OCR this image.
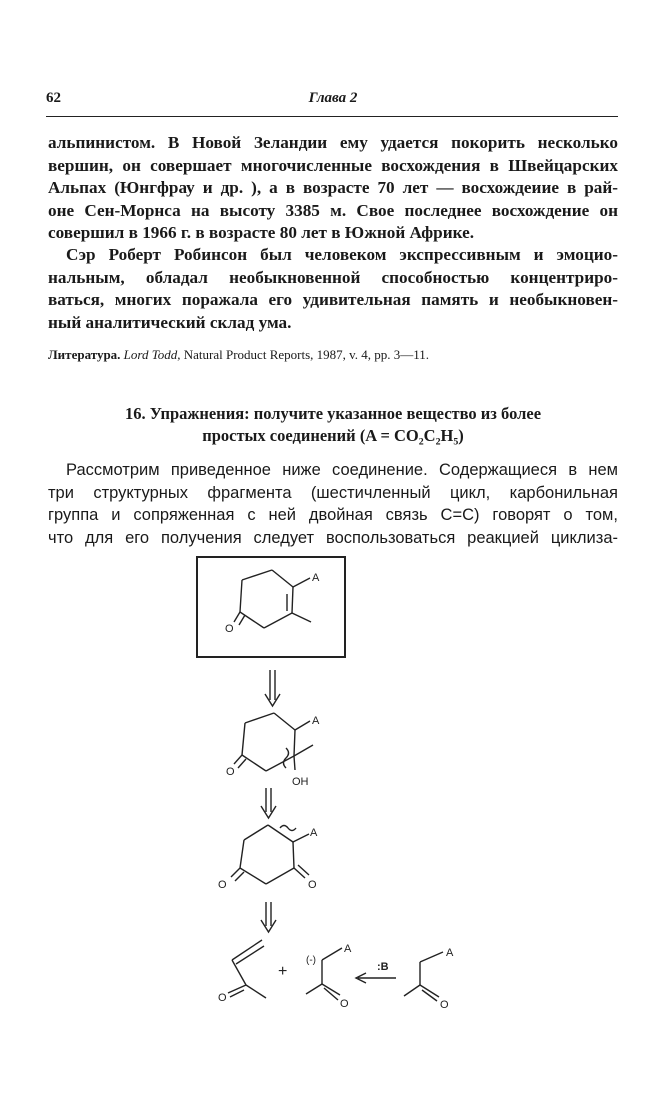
62	Глава 2
альпинистом. В Новой Зеландии ему удается покорить несколько
вершин, он совершает многочисленные восхождения в Швейцарских
Альпах (Юнгфрау и др. ), а в возрасте 70 лет — восхождеиие в рай-
оне Сен-Морнса на высоту 3385 м. Свое последнее восхождение он
совершил в 1966 г. в возрасте 80 лет в Южной Африке.
Сэр Роберт Робинсон был человеком экспрессивным и эмоцио-
нальным, обладал необыкновенной способностью концентриро-
ваться, многих поражала его удивительная память и необыкновен-
ный аналитический склад ума.
Литература. Lord Todd, Natural Product Reports, 1987, v. 4, pp. 3—11.
16. Упражнения: получите указанное вещество из более
простых соединений (A = CO₂C₂H₅)
Рассмотрим приведенное ниже соединение. Содержащиеся в нем
три структурных фрагмента (шестичленный цикл, карбонильная
группа и сопряженная с ней двойная связь C=C) говорят о том,
что для его получения следует воспользоваться реакцией циклиза-
A
O
A
O
OH
A
O	O
O
+
(-)
A
O
:B
A
O
